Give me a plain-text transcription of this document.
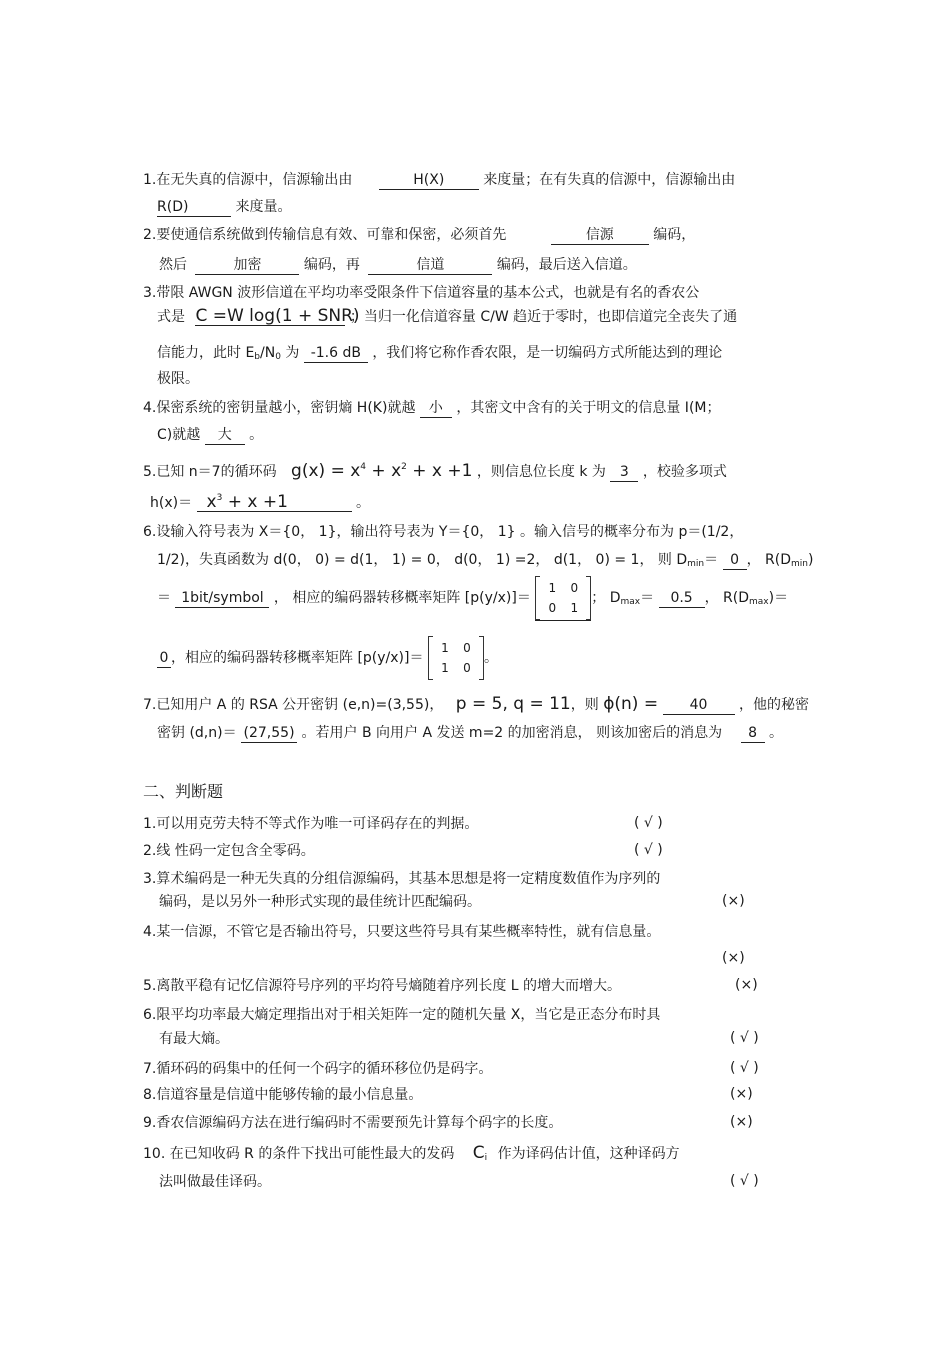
1.在无失真的信源中，信源输出由	H(X)	来度量；在有失真的信源中，信源输出由
R(D)	来度量。
2.要使通信系统做到传输信息有效、可靠和保密，必须首先	信源	编码，
然后	加密	编码，再	信道	编码，最后送入信道。
3.带限 AWGN 波形信道在平均功率受限条件下信道容量的基本公式，也就是有名的香农公
式是 C =W log(1 + SNR) ；当归一化信道容量 C/W 趋近于零时，也即信道完全丧失了通
信能力，此时 $E_b/N_0$ 为 -1.6 dB ，我们将它称作香农限，是一切编码方式所能达到的理论
极限。
4.保密系统的密钥量越小，密钥熵 H(K)就越 小 ，其密文中含有的关于明文的信息量 I(M；
C)就越 大 。
5.已知 n＝7的循环码 $g(x) = x^4 + x^2 + x +1$ ，则信息位长度 k 为 3 ，校验多项式
$h(x)= x^3 + x +1$	。
6.设输入符号表为 X＝{0， 1}，输出符号表为 Y＝{0， 1} 。输入信号的概率分布为 p＝(1/2，
1/2)，失真函数为 d(0， 0) = d(1， 1) = 0， d(0， 1) =2， d(1， 0) = 1， 则 $D_{min}= 0$ ， $R(D_{min})$
＝ 1bit/symbol ， 相应的编码器转移概率矩阵 [p(y/x)]＝
1 0
0 1
； $D_{max}= 0.5$ ， $R(D_{max})=$
0 ，相应的编码器转移概率矩阵 [p(y/x)]＝
1 0
1 0
。
7.已知用户 A 的 RSA 公开密钥 (e,n)=(3,55)， p = 5, q = 11，则 ϕ(n) = 40 ，他的秘密
密钥 (d,n)＝ (27,55) 。若用户 B 向用户 A 发送 m=2 的加密消息， 则该加密后的消息为 8 。
二、判断题
1.可以用克劳夫特不等式作为唯一可译码存在的判据。	( √ )
2.线 性码一定包含全零码。	( √ )
3.算术编码是一种无失真的分组信源编码，其基本思想是将一定精度数值作为序列的
编码，是以另外一种形式实现的最佳统计匹配编码。	(×)
4.某一信源，不管它是否输出符号，只要这些符号具有某些概率特性，就有信息量。
(×)
5.离散平稳有记忆信源符号序列的平均符号熵随着序列长度 L 的增大而增大。	(×)
6.限平均功率最大熵定理指出对于相关矩阵一定的随机矢量 X，当它是正态分布时具
有最大熵。	( √ )
7.循环码的码集中的任何一个码字的循环移位仍是码字。	( √ )
8.信道容量是信道中能够传输的最小信息量。	(×)
9.香农信源编码方法在进行编码时不需要预先计算每个码字的长度。	(×)
10. 在已知收码 R 的条件下找出可能性最大的发码 $C_i$ 作为译码估计值，这种译码方
法叫做最佳译码。	( √ )
